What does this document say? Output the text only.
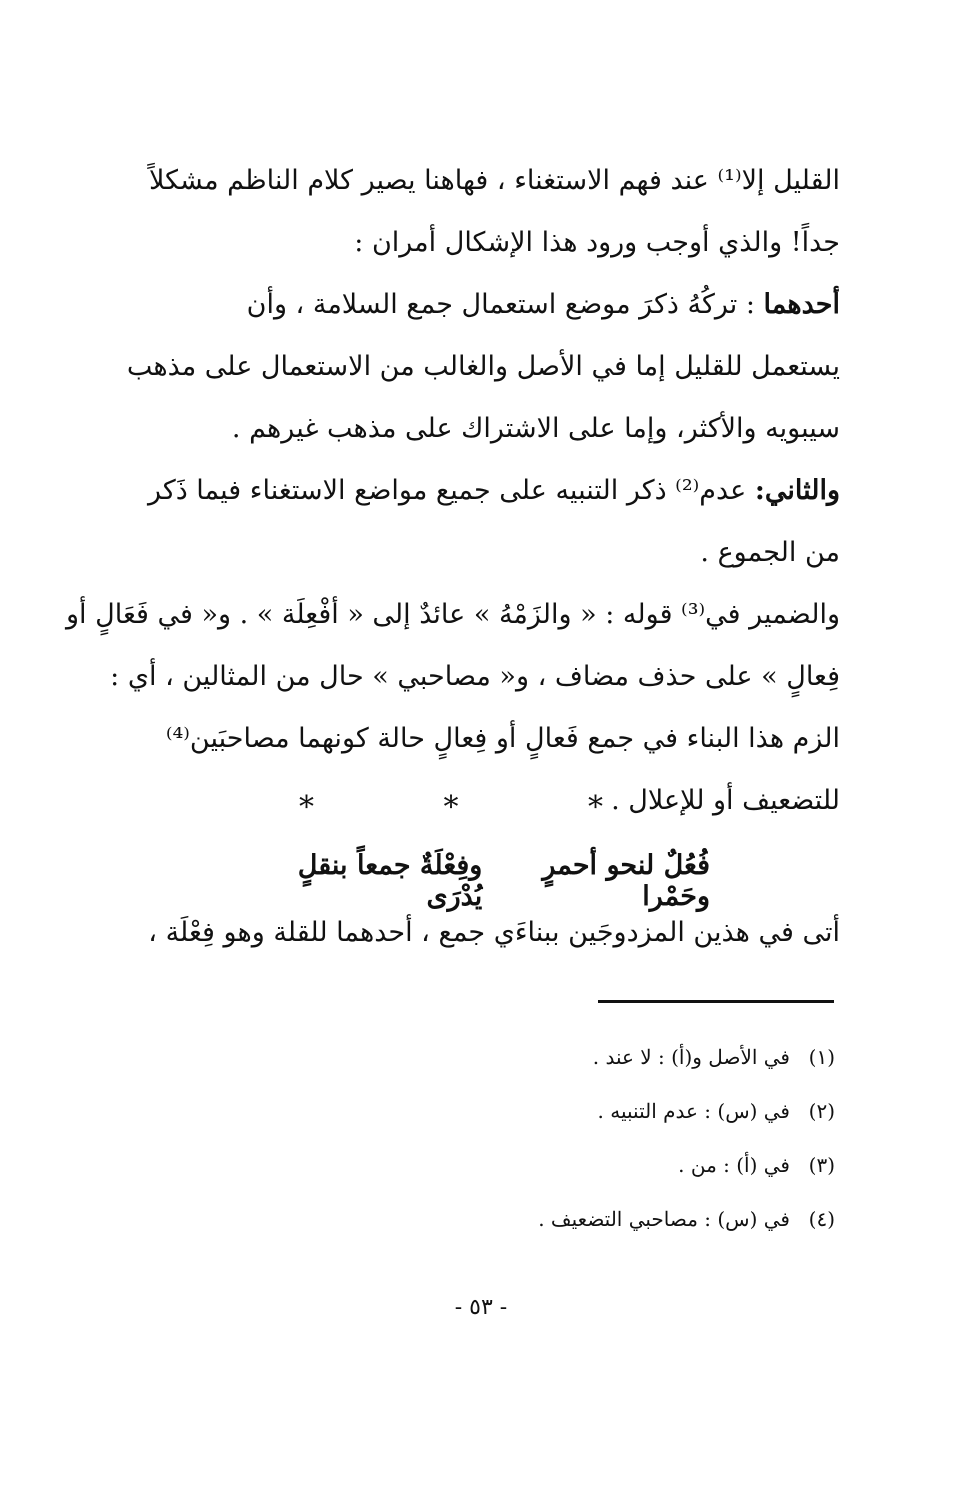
القليل إلا⁽¹⁾ عند فهم الاستغناء ، فهاهنا يصير كلام الناظم مشكلاً
جداً! والذي أوجب ورود هذا الإشكال أمران :
أحدهما : تركُهُ ذكرَ موضع استعمال جمع السلامة ، وأن
يستعمل للقليل إما في الأصل والغالب من الاستعمال على مذهب
سيبويه والأكثر، وإما على الاشتراك على مذهب غيرهم .
والثاني: عدم⁽²⁾ ذكر التنبيه على جميع مواضع الاستغناء فيما ذَكر
من الجموع .
والضمير في⁽³⁾ قوله : « والزَمْهُ » عائدٌ إلى « أفْعِلَة » . و« في فَعَالٍ أو
فِعالٍ » على حذف مضاف ، و« مصاحبي » حال من المثالين ، أي :
الزم هذا البناء في جمع فَعالٍ أو فِعالٍ حالة كونهما مصاحبَين⁽⁴⁾
للتضعيف أو للإعلال .
* * *
فُعُلٌ لنحو أحمرٍ وحَمْرا
وفِعْلَةٌ جمعاً بنقلٍ يُدْرَى
أتى في هذين المزدوجَين ببناءَي جمع ، أحدهما للقلة وهو فِعْلَة ،
(١)
في الأصل و(أ) : لا عند .
(٢)
في (س) : عدم التنبيه .
(٣)
في (أ) : من .
(٤)
في (س) : مصاحبي التضعيف .
- ٥٣ -
